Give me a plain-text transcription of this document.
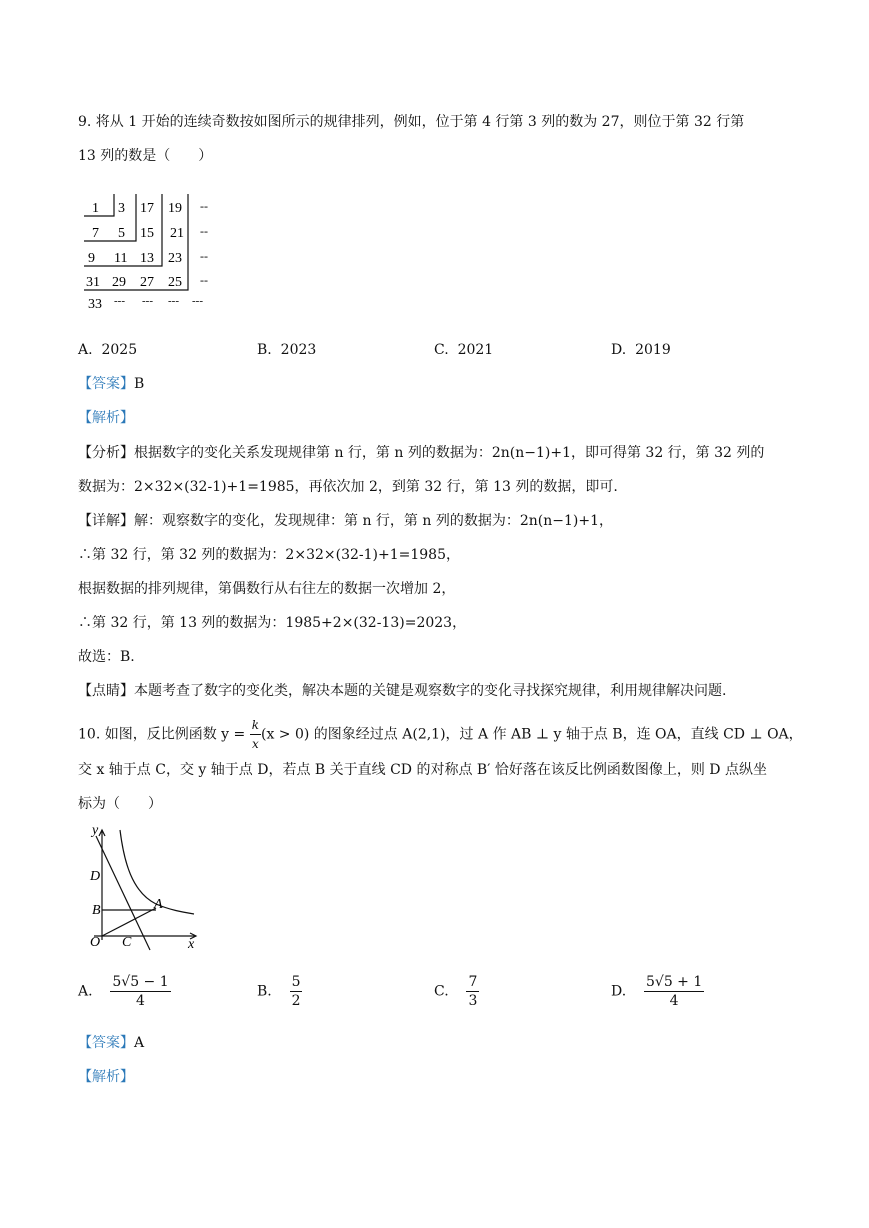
9. 将从 1 开始的连续奇数按如图所示的规律排列，例如，位于第 4 行第 3 列的数为 27，则位于第 32 行第
13 列的数是（　　）
1 3 17 19 --
7 5 15 21 --
9 11 13 23 --
31 29 27 25 --
33 --- --- --- ---
A. 2025	B. 2023	C. 2021	D. 2019
【答案】B
【解析】
【分析】根据数字的变化关系发现规律第 n 行，第 n 列的数据为：2n(n−1)+1，即可得第 32 行，第 32 列的
数据为：2×32×(32-1)+1=1985，再依次加 2，到第 32 行，第 13 列的数据，即可.
【详解】解：观察数字的变化，发现规律：第 n 行，第 n 列的数据为：2n(n−1)+1，
∴第 32 行，第 32 列的数据为：2×32×(32-1)+1=1985，
根据数据的排列规律，第偶数行从右往左的数据一次增加 2，
∴第 32 行，第 13 列的数据为：1985+2×(32-13)=2023，
故选：B.
【点睛】本题考查了数字的变化类，解决本题的关键是观察数字的变化寻找探究规律，利用规律解决问题.
10. 如图，反比例函数 $y = \frac{k}{x} (x > 0)$ 的图象经过点 A(2,1)，过 A 作 AB ⊥ y 轴于点 B，连 OA，直线 CD ⊥ OA，
交 x 轴于点 C，交 y 轴于点 D，若点 B 关于直线 CD 的对称点 B′ 恰好落在该反比例函数图像上，则 D 点纵坐
标为（　　）
y
x
D
B	A
O C
A. $\frac{5√5 - 1}{4}$	B. $\frac{5}{2}$	C. $\frac{7}{3}$	D. $\frac{5√5 + 1}{4}$
【答案】A
【解析】
